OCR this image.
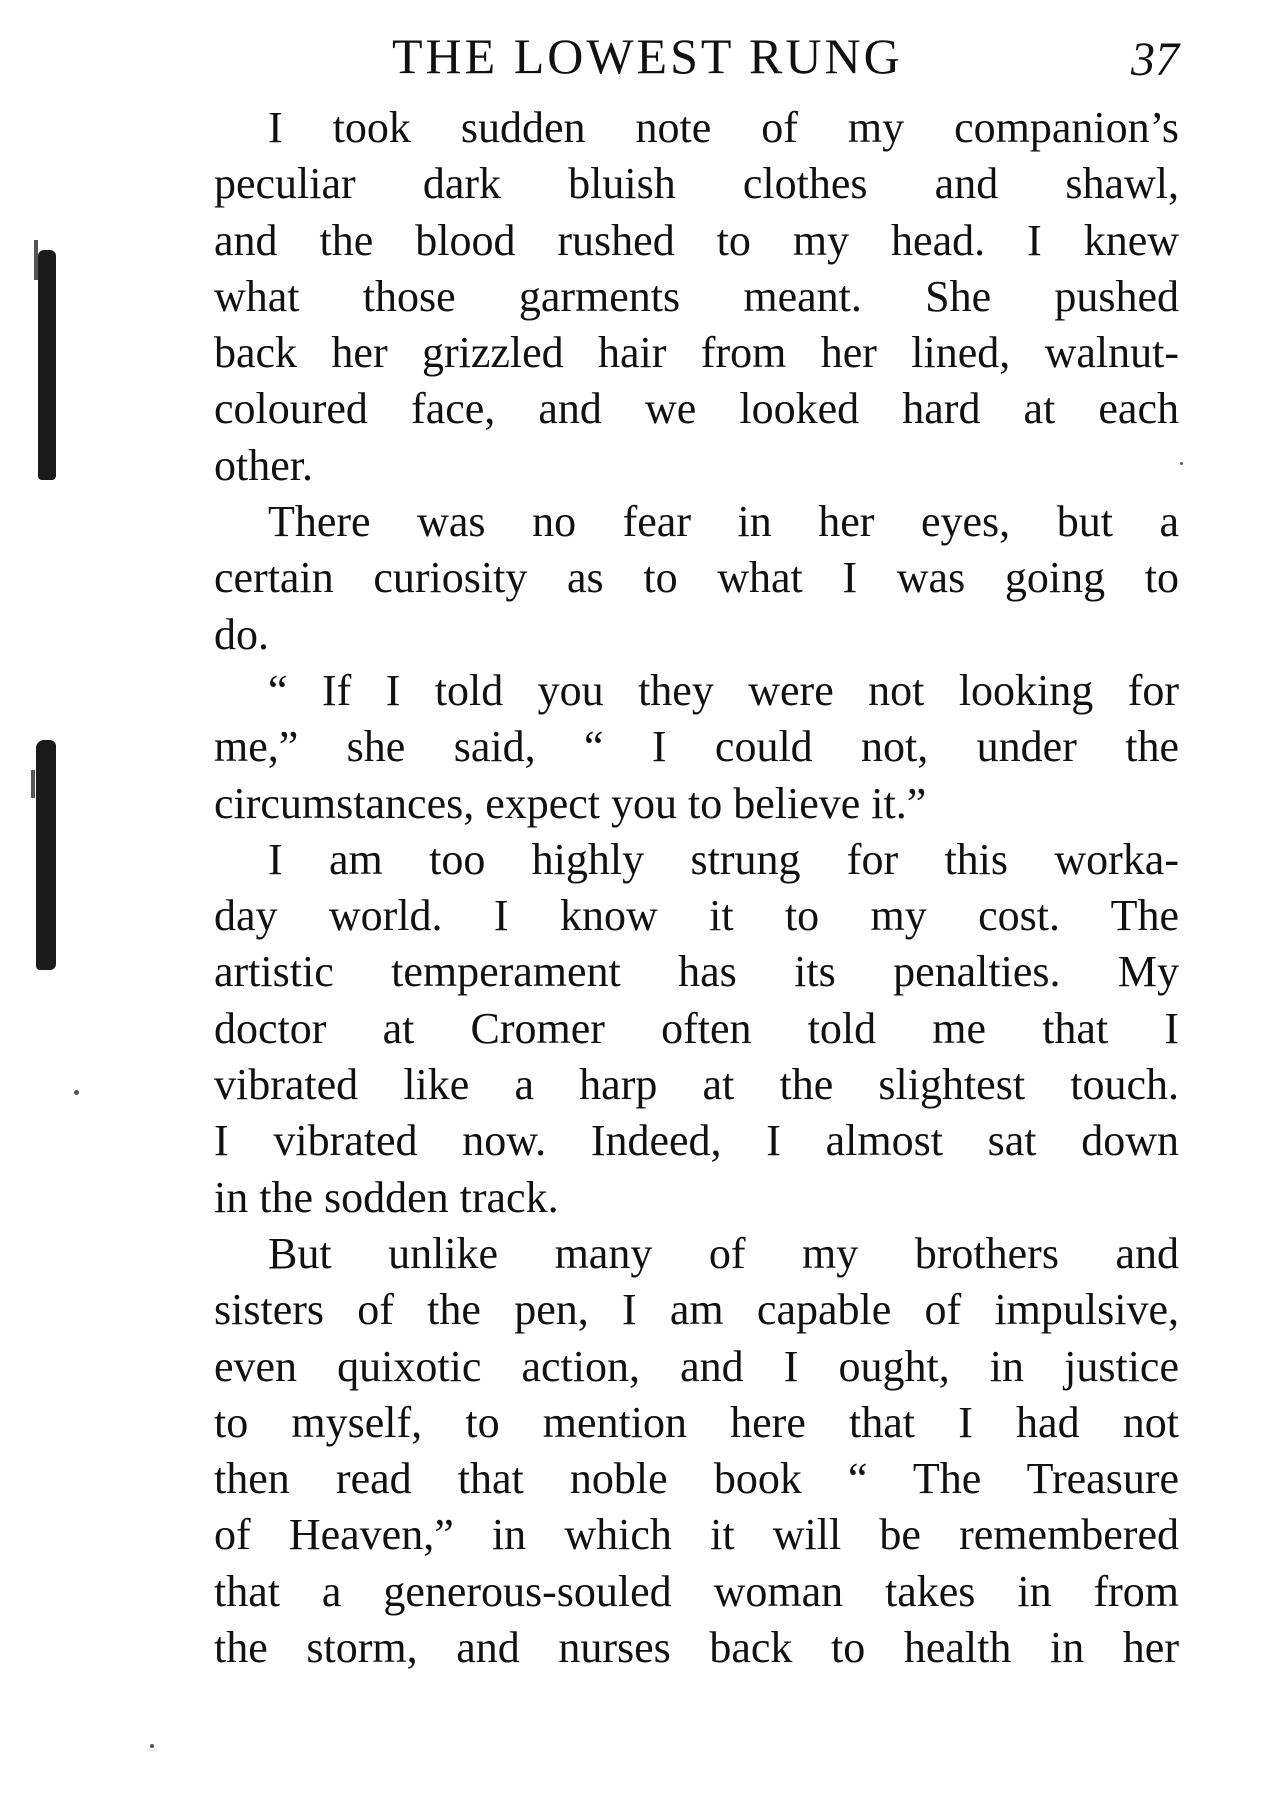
THE LOWEST RUNG	37
I took sudden note of my companion’s
peculiar dark bluish clothes and shawl,
and the blood rushed to my head. I knew
what those garments meant. She pushed
back her grizzled hair from her lined, walnut-
coloured face, and we looked hard at each
other.
There was no fear in her eyes, but a
certain curiosity as to what I was going to
do.
“ If I told you they were not looking for
me,” she said, “ I could not, under the
circumstances, expect you to believe it.”
I am too highly strung for this worka-
day world. I know it to my cost. The
artistic temperament has its penalties. My
doctor at Cromer often told me that I
vibrated like a harp at the slightest touch.
I vibrated now. Indeed, I almost sat down
in the sodden track.
But unlike many of my brothers and
sisters of the pen, I am capable of impulsive,
even quixotic action, and I ought, in justice
to myself, to mention here that I had not
then read that noble book “ The Treasure
of Heaven,” in which it will be remembered
that a generous-souled woman takes in from
the storm, and nurses back to health in her
